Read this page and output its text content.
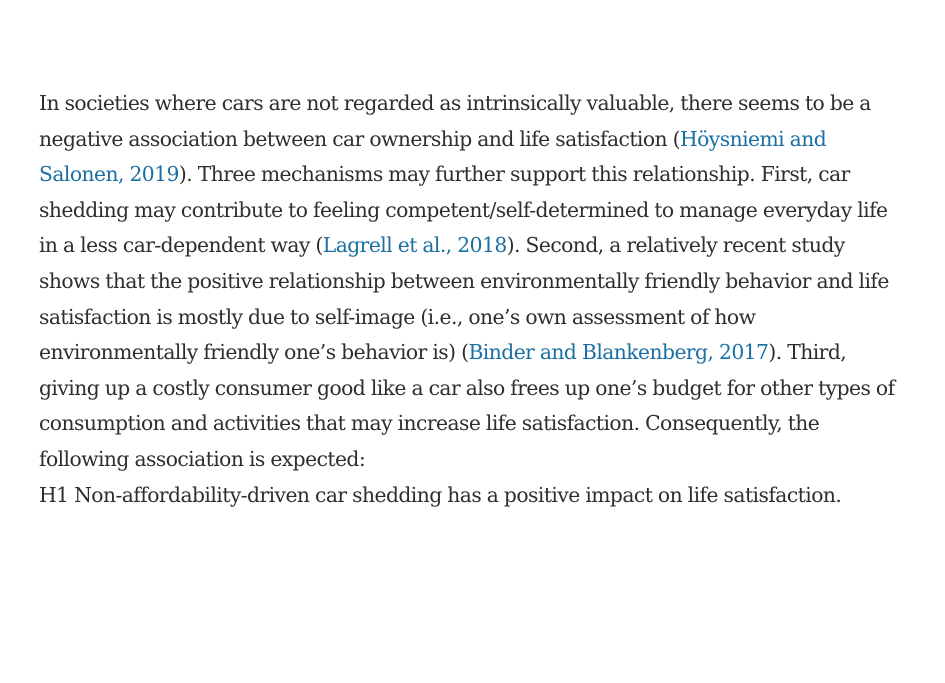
In societies where cars are not regarded as intrinsically valuable, there seems to be a negative association between car ownership and life satisfaction (Höysniemi and Salonen, 2019). Three mechanisms may further support this relationship. First, car shedding may contribute to feeling competent/self-determined to manage everyday life in a less car-dependent way (Lagrell et al., 2018). Second, a relatively recent study shows that the positive relationship between environmentally friendly behavior and life satisfaction is mostly due to self-image (i.e., one’s own assessment of how environmentally friendly one’s behavior is) (Binder and Blankenberg, 2017). Third, giving up a costly consumer good like a car also frees up one’s budget for other types of consumption and activities that may increase life satisfaction. Consequently, the following association is expected:

H1 Non-affordability-driven car shedding has a positive impact on life satisfaction.
